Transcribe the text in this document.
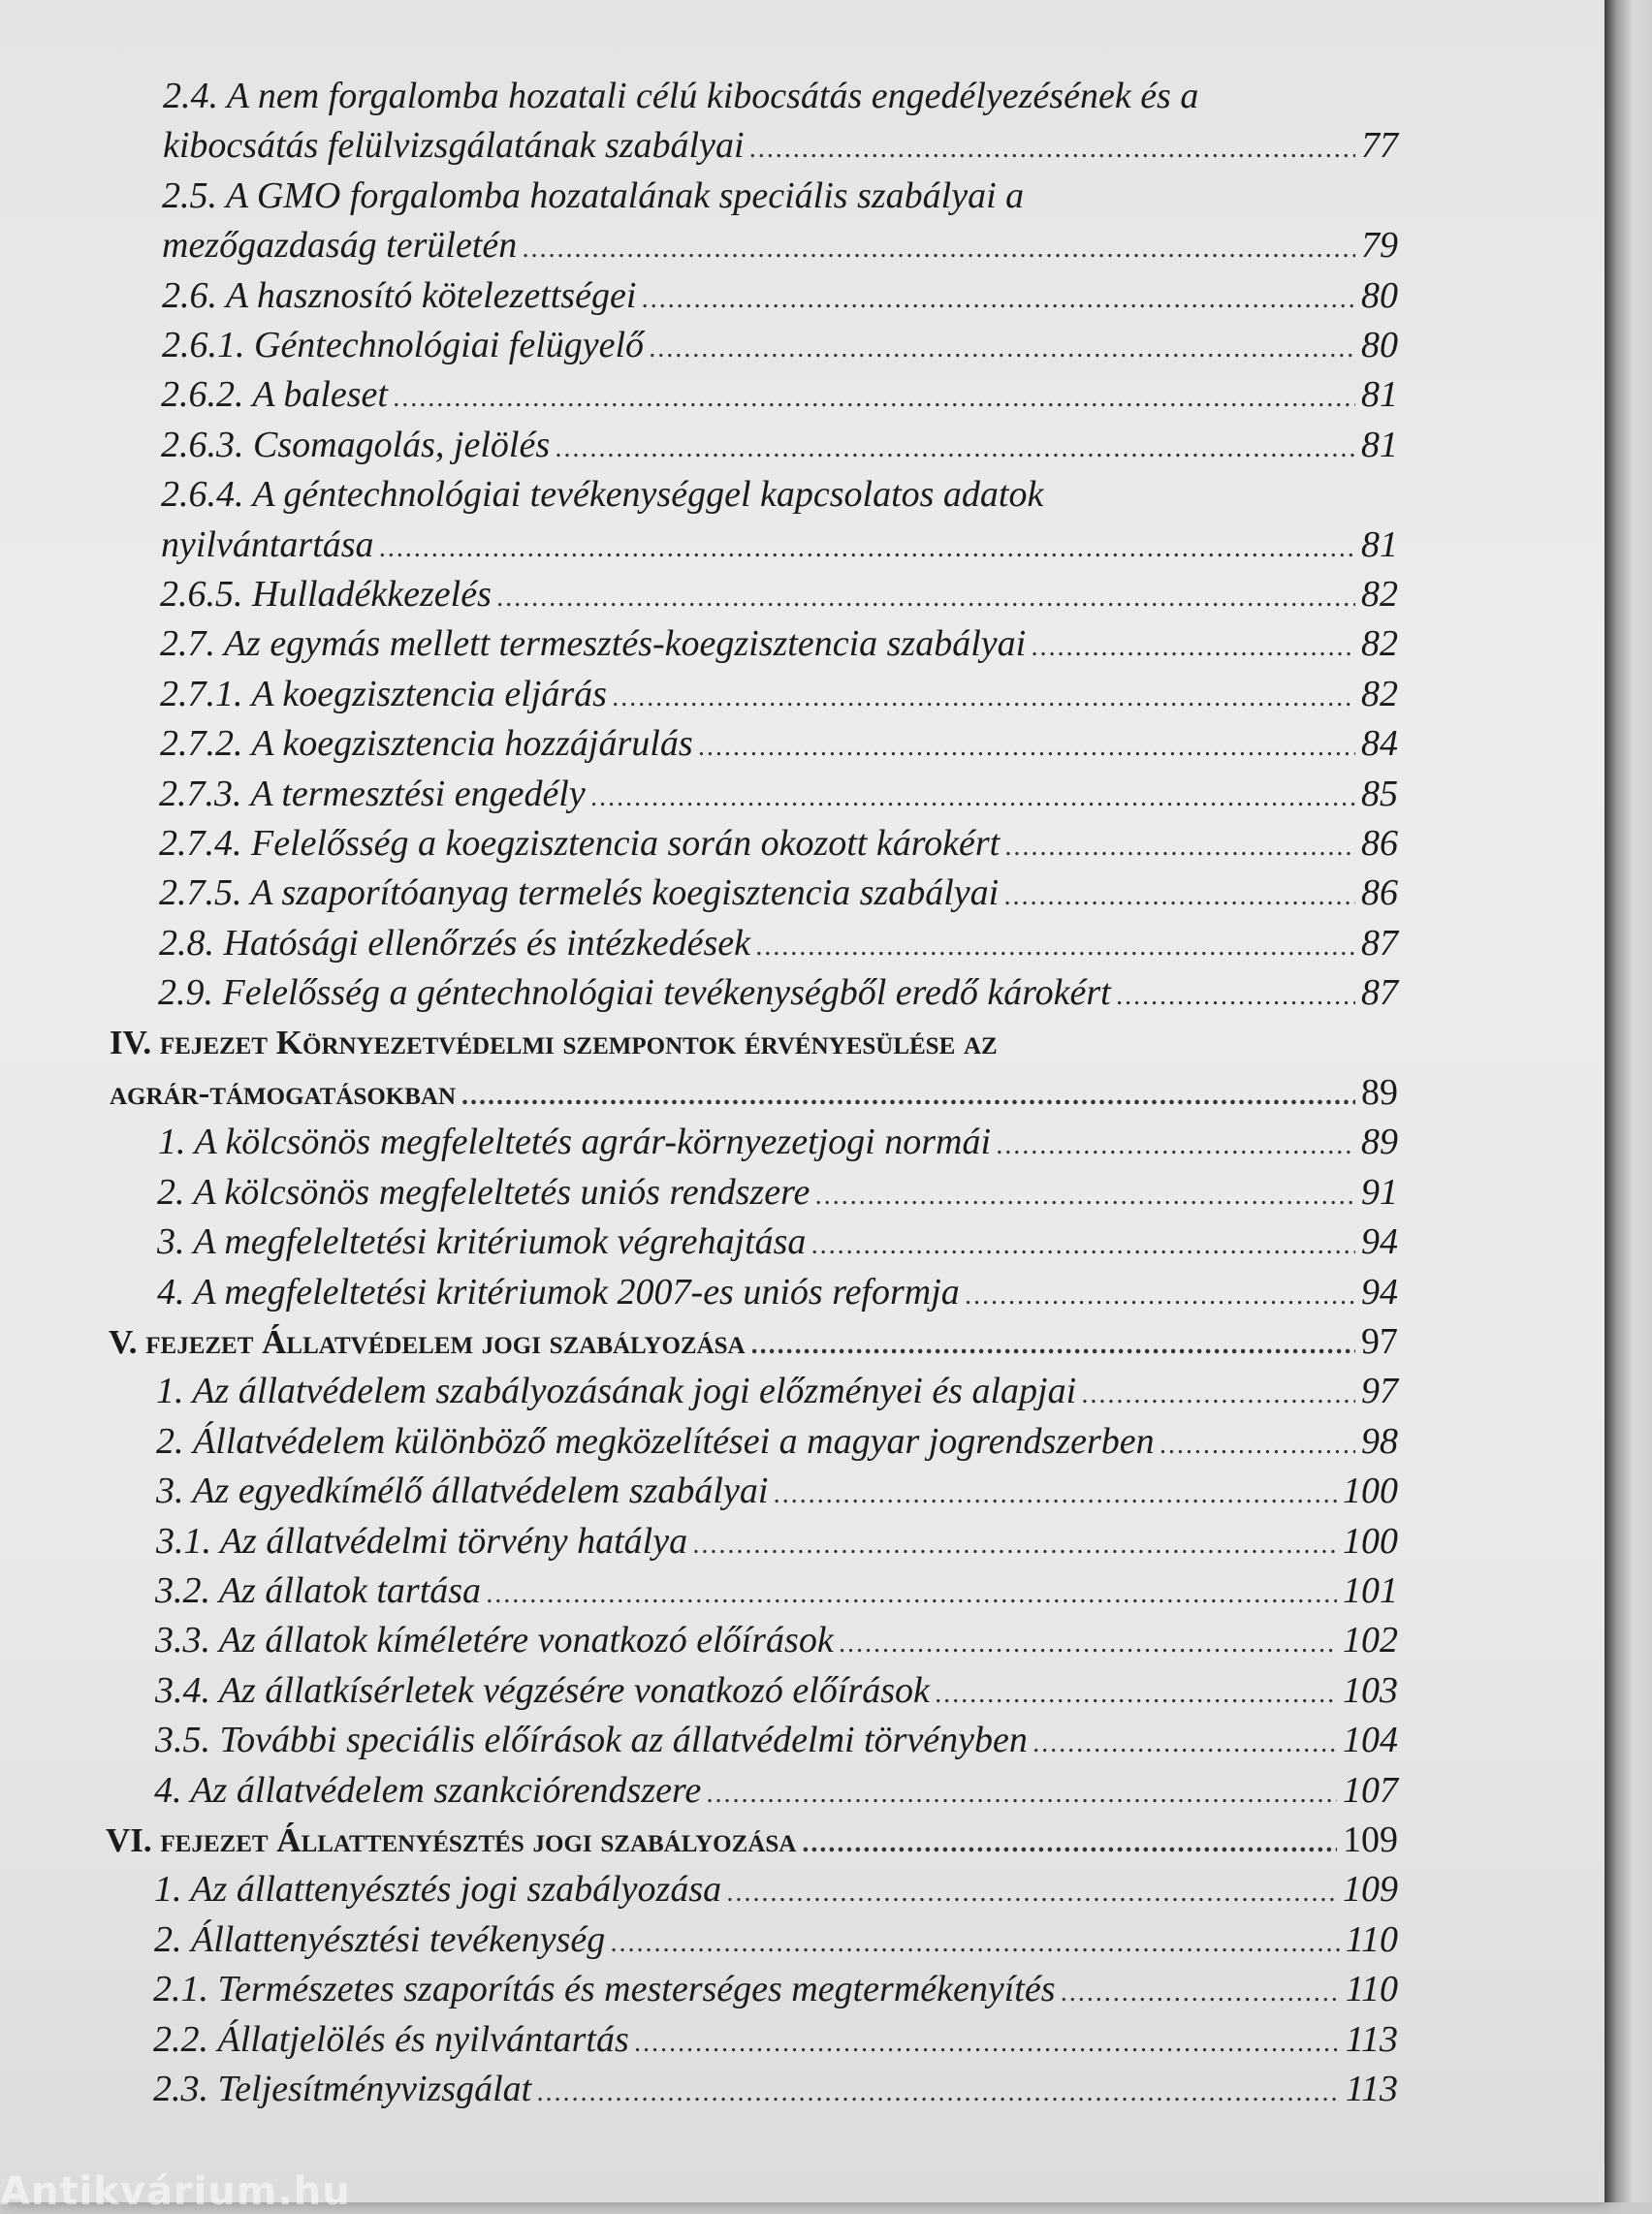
2.4. A nem forgalomba hozatali célú kibocsátás engedélyezésének és a
kibocsátás felülvizsgálatának szabályai .....	77
2.5. A GMO forgalomba hozatalának speciális szabályai a
mezőgazdaság területén .....	79
2.6. A hasznosító kötelezettségei .....	80
2.6.1. Géntechnológiai felügyelő .....	80
2.6.2. A baleset .....	81
2.6.3. Csomagolás, jelölés .....	81
2.6.4. A géntechnológiai tevékenységgel kapcsolatos adatok
nyilvántartása .....	81
2.6.5. Hulladékkezelés .....	82
2.7. Az egymás mellett termesztés-koegzisztencia szabályai .....	82
2.7.1. A koegzisztencia eljárás .....	82
2.7.2. A koegzisztencia hozzájárulás .....	84
2.7.3. A termesztési engedély .....	85
2.7.4. Felelősség a koegzisztencia során okozott károkért .....	86
2.7.5. A szaporítóanyag termelés koegisztencia szabályai .....	86
2.8. Hatósági ellenőrzés és intézkedések .....	87
2.9. Felelősség a géntechnológiai tevékenységből eredő károkért .....	87
IV. fejezet Környezetvédelmi szempontok érvényesülése az
agrár-támogatásokban .....	89
1. A kölcsönös megfeleltetés agrár-környezetjogi normái .....	89
2. A kölcsönös megfeleltetés uniós rendszere .....	91
3. A megfeleltetési kritériumok végrehajtása .....	94
4. A megfeleltetési kritériumok 2007-es uniós reformja .....	94
V. fejezet Állatvédelem jogi szabályozása .....	97
1. Az állatvédelem szabályozásának jogi előzményei és alapjai .....	97
2. Állatvédelem különböző megközelítései a magyar jogrendszerben .....	98
3. Az egyedkímélő állatvédelem szabályai .....	100
3.1. Az állatvédelmi törvény hatálya .....	100
3.2. Az állatok tartása .....	101
3.3. Az állatok kíméletére vonatkozó előírások .....	102
3.4. Az állatkísérletek végzésére vonatkozó előírások .....	103
3.5. További speciális előírások az állatvédelmi törvényben .....	104
4. Az állatvédelem szankciórendszere .....	107
VI. fejezet Állattenyésztés jogi szabályozása .....	109
1. Az állattenyésztés jogi szabályozása .....	109
2. Állattenyésztési tevékenység .....	110
2.1. Természetes szaporítás és mesterséges megtermékenyítés .....	110
2.2. Állatjelölés és nyilvántartás .....	113
2.3. Teljesítményvizsgálat .....	113
Antikvárium.hu
